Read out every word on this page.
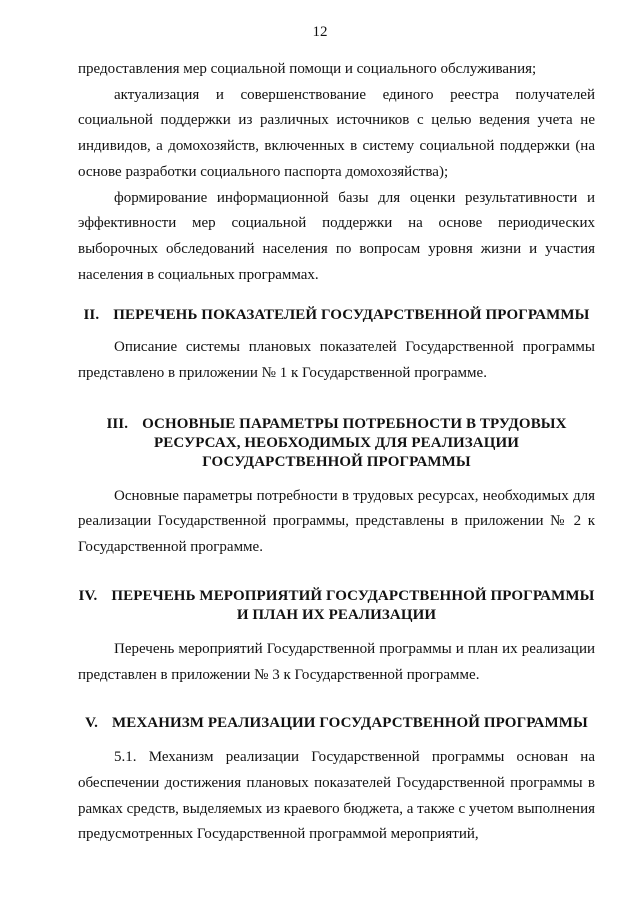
12

предоставления мер социальной помощи и социального обслуживания;

актуализация и совершенствование единого реестра получателей социальной поддержки из различных источников с целью ведения учета не индивидов, а домохозяйств, включенных в систему социальной поддержки (на основе разработки социального паспорта домохозяйства);

формирование информационной базы для оценки результативности и эффективности мер социальной поддержки на основе периодических выборочных обследований населения по вопросам уровня жизни и участия населения в социальных программах.

II. ПЕРЕЧЕНЬ ПОКАЗАТЕЛЕЙ ГОСУДАРСТВЕННОЙ ПРОГРАММЫ

Описание системы плановых показателей Государственной программы представлено в приложении № 1 к Государственной программе.

III. ОСНОВНЫЕ ПАРАМЕТРЫ ПОТРЕБНОСТИ В ТРУДОВЫХ
РЕСУРСАХ, НЕОБХОДИМЫХ ДЛЯ РЕАЛИЗАЦИИ
ГОСУДАРСТВЕННОЙ ПРОГРАММЫ

Основные параметры потребности в трудовых ресурсах, необходимых для реализации Государственной программы, представлены в приложении № 2 к Государственной программе.

IV. ПЕРЕЧЕНЬ МЕРОПРИЯТИЙ ГОСУДАРСТВЕННОЙ ПРОГРАММЫ
И ПЛАН ИХ РЕАЛИЗАЦИИ

Перечень мероприятий Государственной программы и план их реализации представлен в приложении № 3 к Государственной программе.

V. МЕХАНИЗМ РЕАЛИЗАЦИИ ГОСУДАРСТВЕННОЙ ПРОГРАММЫ

5.1. Механизм реализации Государственной программы основан на обеспечении достижения плановых показателей Государственной программы в рамках средств, выделяемых из краевого бюджета, а также с учетом выполнения предусмотренных Государственной программой мероприятий,
